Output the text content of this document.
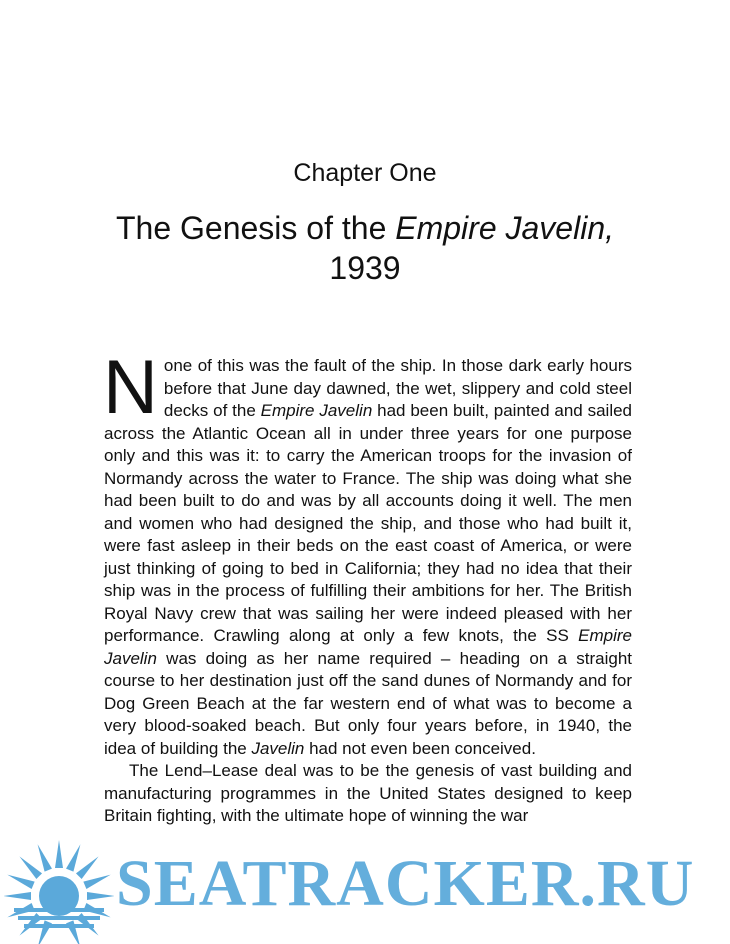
Chapter One
The Genesis of the Empire Javelin,
1939

None of this was the fault of the ship. In those dark early hours before that June day dawned, the wet, slippery and cold steel decks of the Empire Javelin had been built, painted and sailed across the Atlantic Ocean all in under three years for one purpose only and this was it: to carry the American troops for the invasion of Normandy across the water to France. The ship was doing what she had been built to do and was by all accounts doing it well. The men and women who had designed the ship, and those who had built it, were fast asleep in their beds on the east coast of America, or were just thinking of going to bed in California; they had no idea that their ship was in the process of fulfilling their ambitions for her. The British Royal Navy crew that was sailing her were indeed pleased with her performance. Crawling along at only a few knots, the SS Empire Javelin was doing as her name required – heading on a straight course to her destination just off the sand dunes of Normandy and for Dog Green Beach at the far western end of what was to become a very blood-soaked beach. But only four years before, in 1940, the idea of building the Javelin had not even been conceived.

The Lend–Lease deal was to be the genesis of vast building and manufacturing programmes in the United States designed to keep Britain fighting, with the ultimate hope of winning the war

SEATRACKER.RU
